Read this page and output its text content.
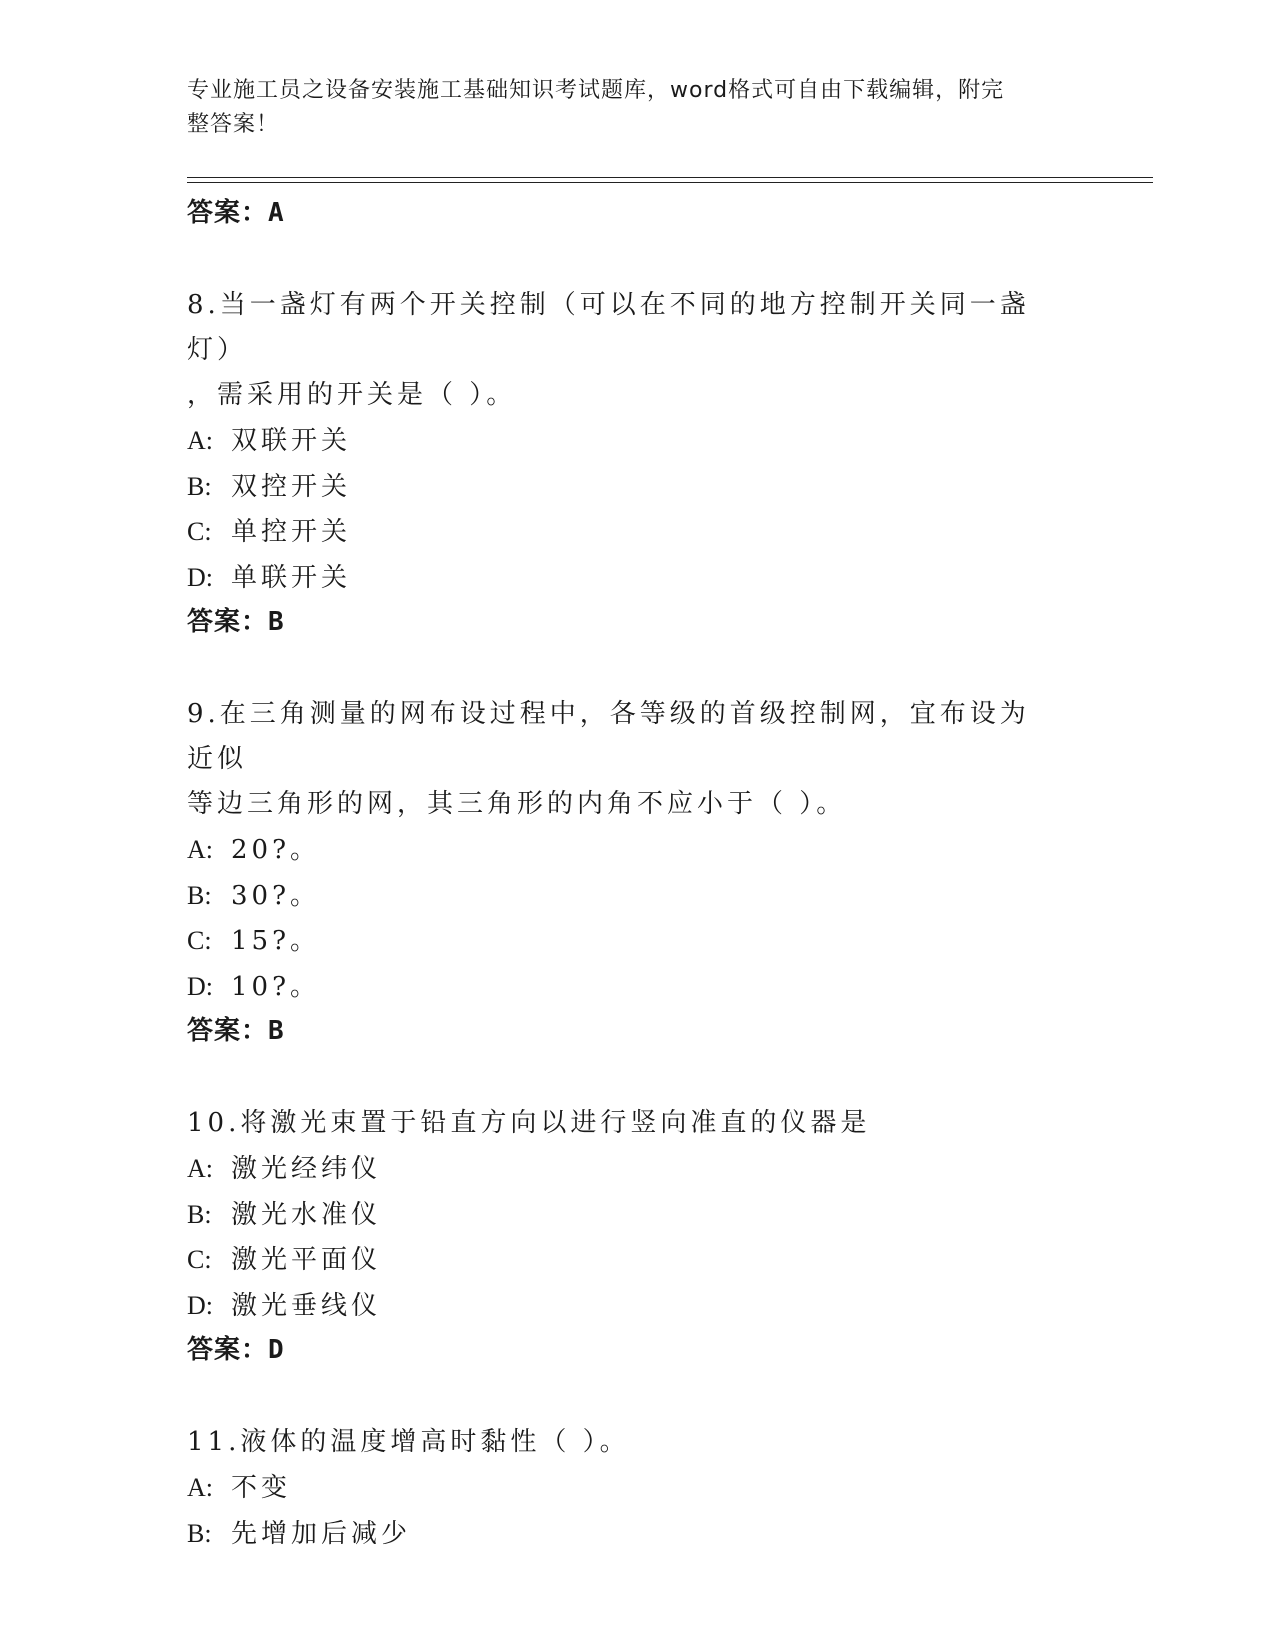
专业施工员之设备安装施工基础知识考试题库，word格式可自由下载编辑，附完
整答案！
答案：A
8.当一盏灯有两个开关控制（可以在不同的地方控制开关同一盏灯）
，需采用的开关是（ ）。
A: 双联开关
B: 双控开关
C: 单控开关
D: 单联开关
答案：B
9.在三角测量的网布设过程中，各等级的首级控制网，宜布设为近似
等边三角形的网，其三角形的内角不应小于（ ）。
A: 20?。
B: 30?。
C: 15?。
D: 10?。
答案：B
10.将激光束置于铅直方向以进行竖向准直的仪器是
A: 激光经纬仪
B: 激光水准仪
C: 激光平面仪
D: 激光垂线仪
答案：D
11.液体的温度增高时黏性（ ）。
A: 不变
B: 先增加后减少
